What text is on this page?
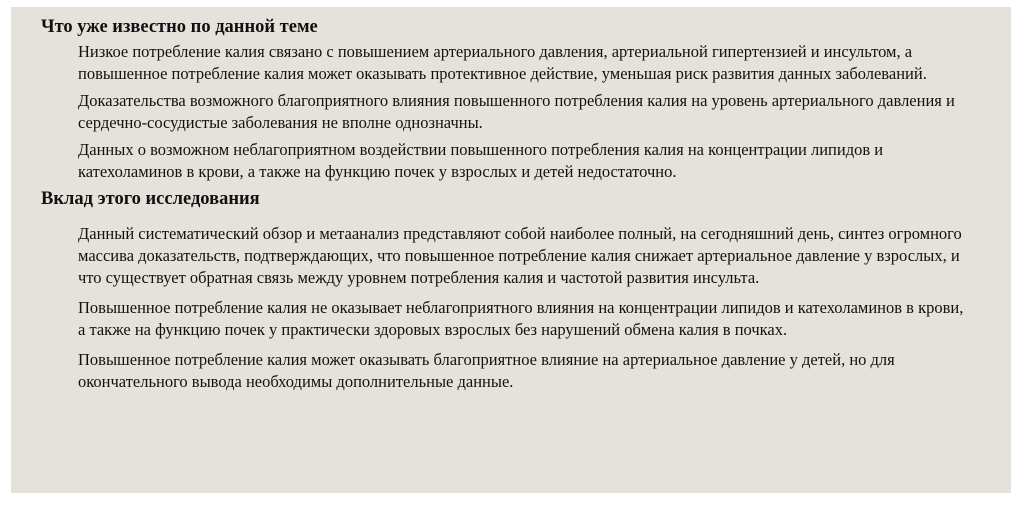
Что уже известно по данной теме

Низкое потребление калия связано с повышением артериального давления, артериальной гипертензией и инсультом, а повышенное потребление калия может оказывать протективное действие, уменьшая риск развития данных заболеваний.

Доказательства возможного благоприятного влияния повышенного потребления калия на уровень артериального давления и сердечно-сосудистые заболевания не вполне однозначны.

Данных о возможном неблагоприятном воздействии повышенного потребления калия на концентрации липидов и катехоламинов в крови, а также на функцию почек у взрослых и детей недостаточно.

Вклад этого исследования

Данный систематический обзор и метаанализ представляют собой наиболее полный, на сегодняшний день, синтез огромного массива доказательств, подтверждающих, что повышенное потребление калия снижает артериальное давление у взрослых, и что существует обратная связь между уровнем потребления калия и частотой развития инсульта.

Повышенное потребление калия не оказывает неблагоприятного влияния на концентрации липидов и катехоламинов в крови, а также на функцию почек у практически здоровых взрослых без нарушений обмена калия в почках.

Повышенное потребление калия может оказывать благоприятное влияние на артериальное давление у детей, но для окончательного вывода необходимы дополнительные данные.
